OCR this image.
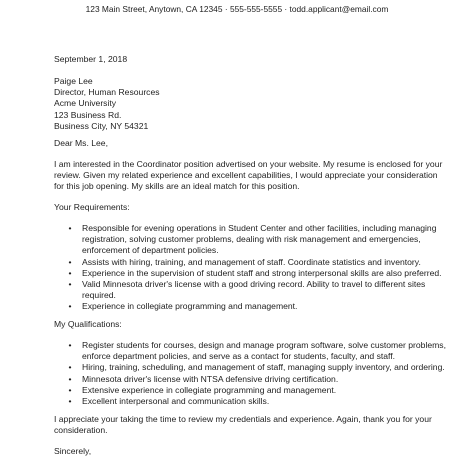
123 Main Street, Anytown, CA 12345 · 555-555-5555 · todd.applicant@email.com
September 1, 2018
Paige Lee
Director, Human Resources
Acme University
123 Business Rd.
Business City, NY 54321
Dear Ms. Lee,
I am interested in the Coordinator position advertised on your website. My resume is enclosed for your
review. Given my related experience and excellent capabilities, I would appreciate your consideration
for this job opening. My skills are an ideal match for this position.
Your Requirements:
• Responsible for evening operations in Student Center and other facilities, including managing
registration, solving customer problems, dealing with risk management and emergencies,
enforcement of department policies.
• Assists with hiring, training, and management of staff. Coordinate statistics and inventory.
• Experience in the supervision of student staff and strong interpersonal skills are also preferred.
• Valid Minnesota driver's license with a good driving record. Ability to travel to different sites
required.
• Experience in collegiate programming and management.
My Qualifications:
• Register students for courses, design and manage program software, solve customer problems,
enforce department policies, and serve as a contact for students, faculty, and staff.
• Hiring, training, scheduling, and management of staff, managing supply inventory, and ordering.
• Minnesota driver's license with NTSA defensive driving certification.
• Extensive experience in collegiate programming and management.
• Excellent interpersonal and communication skills.
I appreciate your taking the time to review my credentials and experience. Again, thank you for your
consideration.
Sincerely,
